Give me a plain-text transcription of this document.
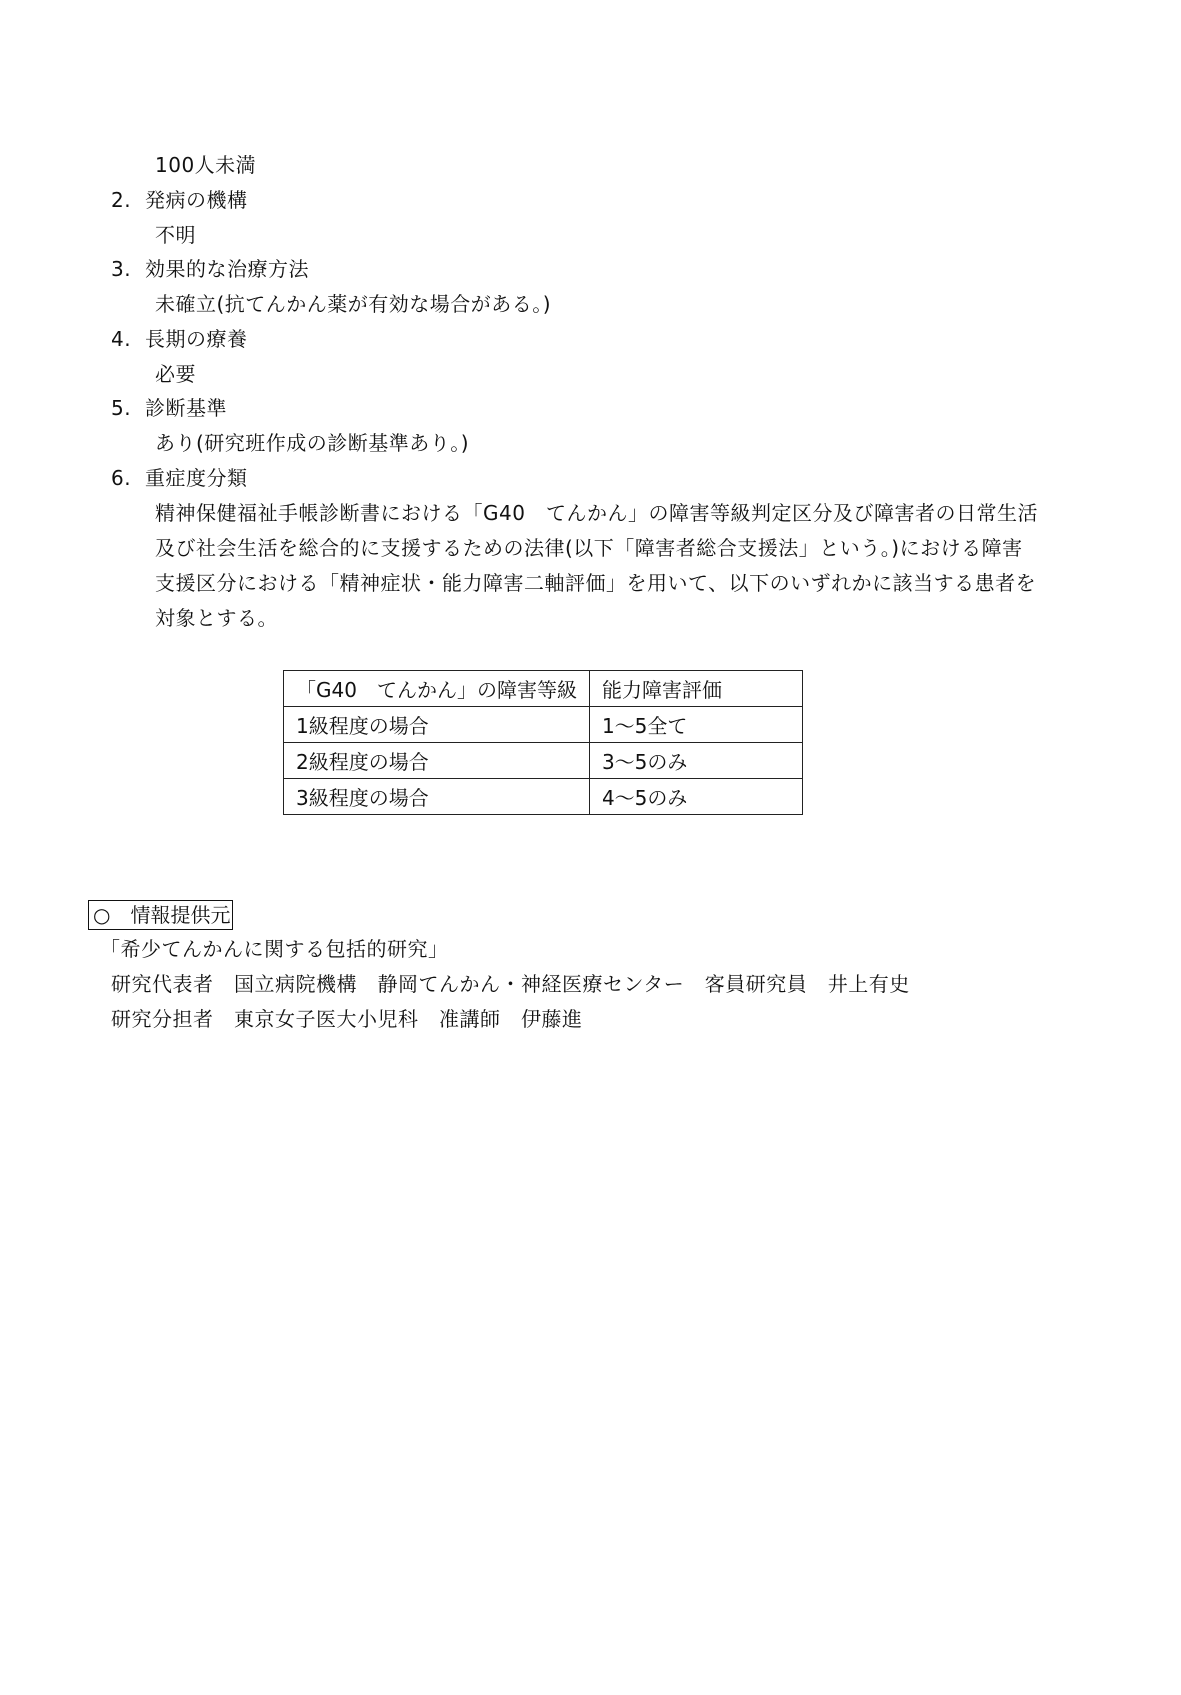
100人未満
2. 発病の機構
不明
3. 効果的な治療方法
未確立(抗てんかん薬が有効な場合がある。)
4. 長期の療養
必要
5. 診断基準
あり(研究班作成の診断基準あり。)
6. 重症度分類
精神保健福祉手帳診断書における「G40　てんかん」の障害等級判定区分及び障害者の日常生活
及び社会生活を総合的に支援するための法律(以下「障害者総合支援法」という。)における障害
支援区分における「精神症状・能力障害二軸評価」を用いて、以下のいずれかに該当する患者を
対象とする。
「G40　てんかん」の障害等級	能力障害評価
1級程度の場合	1～5全て
2級程度の場合	3～5のみ
3級程度の場合	4～5のみ
○　情報提供元
「希少てんかんに関する包括的研究」
研究代表者　国立病院機構　静岡てんかん・神経医療センター　客員研究員　井上有史
研究分担者　東京女子医大小児科　准講師　伊藤進
